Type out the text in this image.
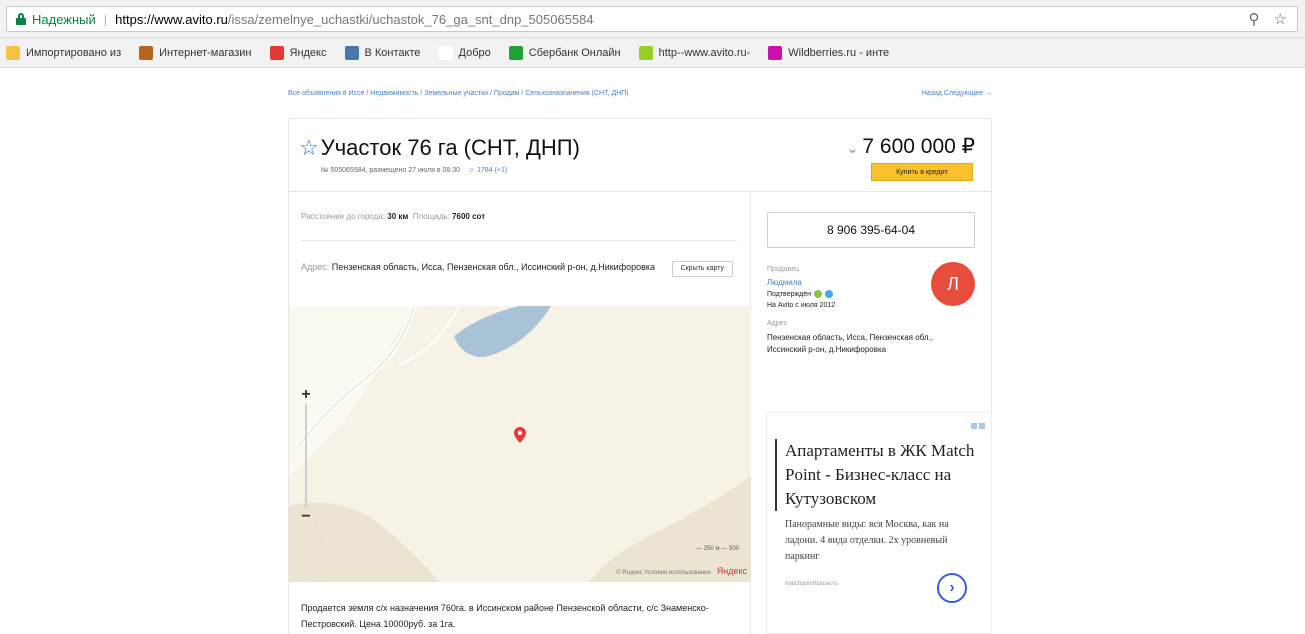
Надежный | https://www.avito.ru /issa/zemelnye_uchastki/uchastok_76_ga_snt_dnp_505065584	⚲ ☆
Импортировано из	Интернет-магазин	Яндекс	В Контакте	Добро	Сбербанк Онлайн	http--www.avito.ru-	Wildberries.ru - инте
Все объявления в Иссе / Недвижимость / Земельные участки / Продам / Сельхозназначения (СНТ, ДНП)	Назад Следующее →
☆ Участок 76 га (СНТ, ДНП)
№ 505065584, размещено 27 июля в 08:30 ☺ 1784 (+1)
⌄ 7 600 000 ₽
Купить в кредит
Расстояние до города: 30 км Площадь: 7600 сот
Адрес: Пензенская область, Исса, Пензенская обл., Иссинский р-он, д.Никифоровка	Скрыть карту
+
−
— 250 м — 500
© Яндекс Условия использования Яндекс
Продается земля с/х назначения 760га. в Иссинском районе Пензенской области, с/с Знаменско-Пестровский. Цена 10000руб. за 1га.
8 906 395-64-04
Продавец
Людмила
Подтверждён
На Avito с июля 2012
Л
Адрес
Пензенская область, Исса, Пензенская обл., Иссинский р-он, д.Никифоровка
Апартаменты в ЖК Match Point - Бизнес-класс на Кутузовском
Панорамные виды: вся Москва, как на ладони. 4 вида отделки. 2х уровневый паркинг
matchpointhouse.ru	›
